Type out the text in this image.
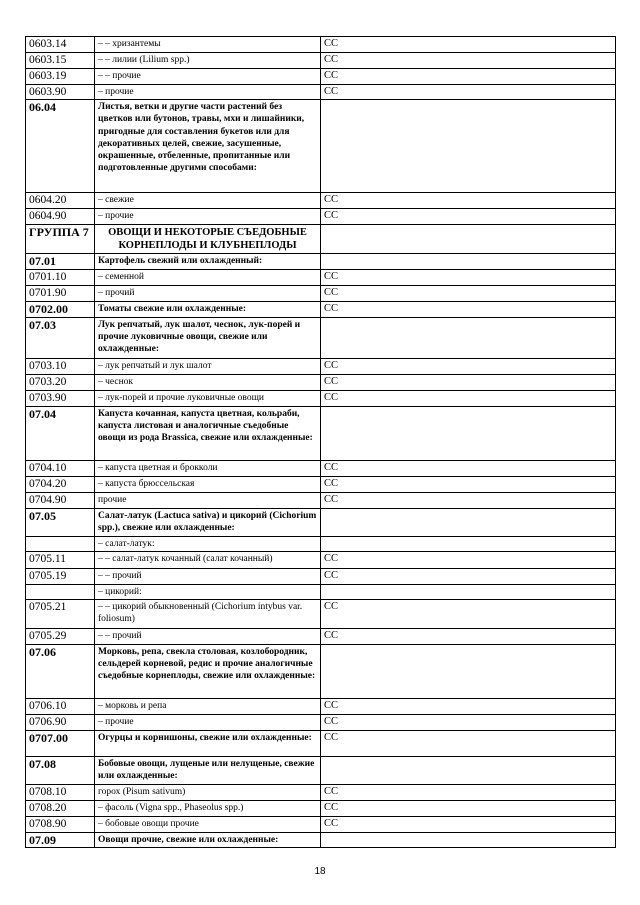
0603.14	– – хризантемы	СС
0603.15	– – лилии (Lilium spp.)	СС
0603.19	– – прочие	СС
0603.90	– прочие	СС
06.04	Листья, ветки и другие части растений без цветков или бутонов, травы, мхи и лишайники, пригодные для составления букетов или для декоративных целей, свежие, засушенные, окрашенные, отбеленные, пропитанные или подготовленные другими способами:	
0604.20	– свежие	СС
0604.90	– прочие	СС
ГРУППА 7	ОВОЩИ И НЕКОТОРЫЕ СЪЕДОБНЫЕ КОРНЕПЛОДЫ И КЛУБНЕПЛОДЫ	
07.01	Картофель свежий или охлажденный:	
0701.10	– семенной	СС
0701.90	– прочий	СС
0702.00	Томаты свежие или охлажденные:	СС
07.03	Лук репчатый, лук шалот, чеснок, лук-порей и прочие луковичные овощи, свежие или охлажденные:	
0703.10	– лук репчатый и лук шалот	СС
0703.20	– чеснок	СС
0703.90	– лук-порей и прочие луковичные овощи	СС
07.04	Капуста кочанная, капуста цветная, кольраби, капуста листовая и аналогичные съедобные овощи из рода Brassica, свежие или охлажденные:	
0704.10	– капуста цветная и брокколи	СС
0704.20	– капуста брюссельская	СС
0704.90	прочие	СС
07.05	Салат-латук (Lactuca sativa) и цикорий (Cichorium spp.), свежие или охлажденные:	
	– салат-латук:	
0705.11	– – салат-латук кочанный (салат кочанный)	СС
0705.19	– – прочий	СС
	– цикорий:	
0705.21	– – цикорий обыкновенный (Cichorium intybus var. foliosum)	СС
0705.29	– – прочий	СС
07.06	Морковь, репа, свекла столовая, козлобородник, сельдерей корневой, редис и прочие аналогичные съедобные корнеплоды, свежие или охлажденные:	
0706.10	– морковь и репа	СС
0706.90	– прочие	СС
0707.00	Огурцы и корнишоны, свежие или охлажденные:	СС
07.08	Бобовые овощи, лущеные или нелущеные, свежие или охлажденные:	
0708.10	горох (Pisum sativum)	СС
0708.20	– фасоль (Vigna spp., Phaseolus spp.)	СС
0708.90	– бобовые овощи прочие	СС
07.09	Овощи прочие, свежие или охлажденные:	
18
